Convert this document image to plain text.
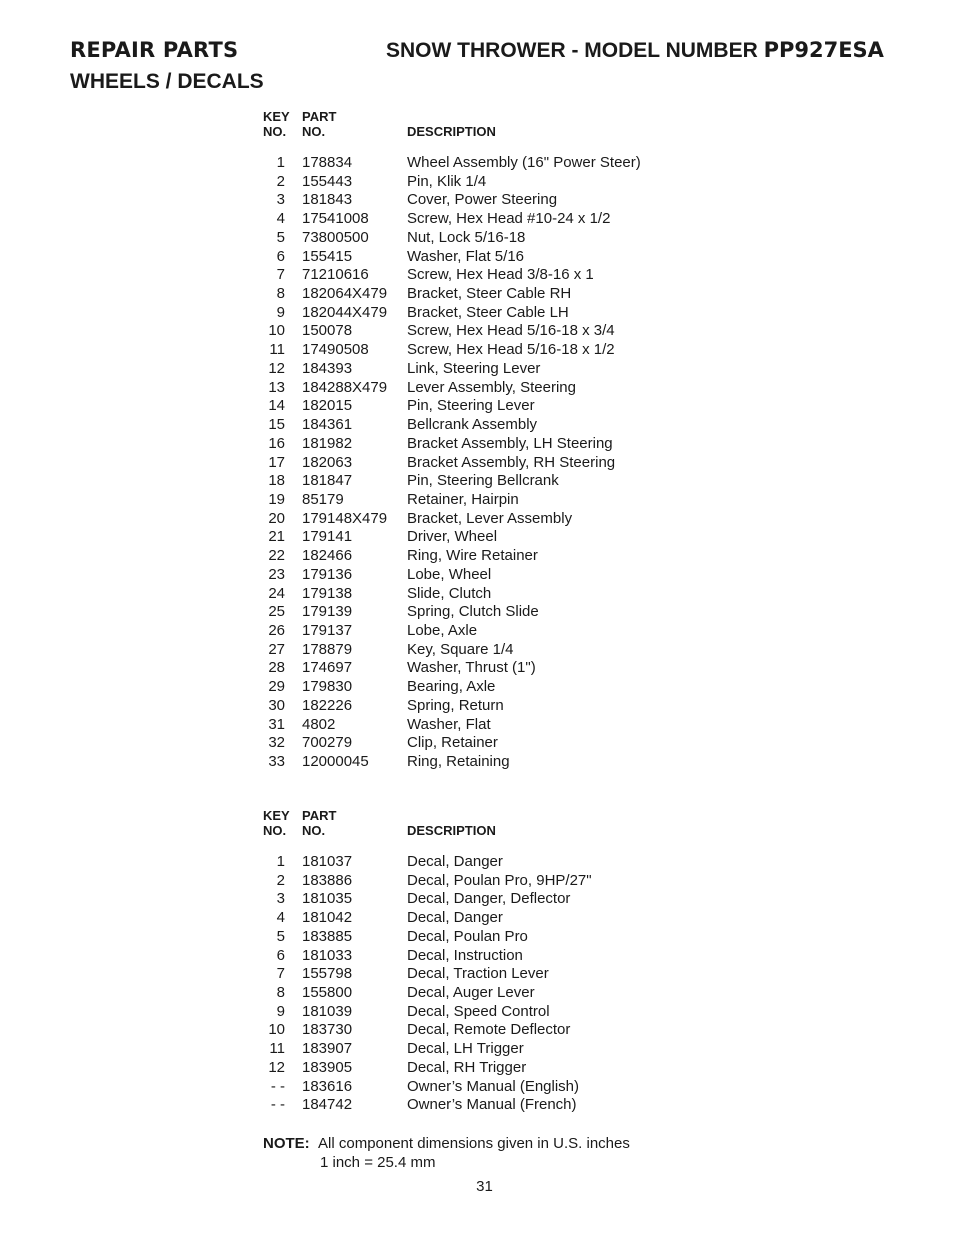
REPAIR PARTS	SNOW THROWER - MODEL NUMBER PP927ESA
WHEELS / DECALS
KEY
NO.
PART
NO.	DESCRIPTION
1 178834	Wheel Assembly (16" Power Steer)
2 155443	Pin, Klik 1/4
3 181843	Cover, Power Steering
4 17541008	Screw, Hex Head #10-24 x 1/2
5 73800500	Nut, Lock 5/16-18
6 155415	Washer, Flat 5/16
7 71210616	Screw, Hex Head 3/8-16 x 1
8 182064X479 Bracket, Steer Cable RH
9 182044X479 Bracket, Steer Cable LH
10 150078	Screw, Hex Head 5/16-18 x 3/4
11 17490508	Screw, Hex Head 5/16-18 x 1/2
12 184393	Link, Steering Lever
13 184288X479 Lever Assembly, Steering
14 182015	Pin, Steering Lever
15 184361	Bellcrank Assembly
16 181982	Bracket Assembly, LH Steering
17 182063	Bracket Assembly, RH Steering
18 181847	Pin, Steering Bellcrank
19 85179	Retainer, Hairpin
20 179148X479 Bracket, Lever Assembly
21 179141	Driver, Wheel
22 182466	Ring, Wire Retainer
23 179136	Lobe, Wheel
24 179138	Slide, Clutch
25 179139	Spring, Clutch Slide
26 179137	Lobe, Axle
27 178879	Key, Square 1/4
28 174697	Washer, Thrust (1")
29 179830	Bearing, Axle
30 182226	Spring, Return
31 4802	Washer, Flat
32 700279	Clip, Retainer
33 12000045	Ring, Retaining
KEY
NO.
PART
NO.	DESCRIPTION
1 181037	Decal, Danger
2 183886	Decal, Poulan Pro, 9HP/27"
3 181035	Decal, Danger, Deflector
4 181042	Decal, Danger
5 183885	Decal, Poulan Pro
6 181033	Decal, Instruction
7 155798	Decal, Traction Lever
8 155800	Decal, Auger Lever
9 181039	Decal, Speed Control
10 183730	Decal, Remote Deflector
11 183907	Decal, LH Trigger
12 183905	Decal, RH Trigger
- - 183616	Owner’s Manual (English)
- - 184742	Owner’s Manual (French)
NOTE: All component dimensions given in U.S. inches
1 inch = 25.4 mm
31
